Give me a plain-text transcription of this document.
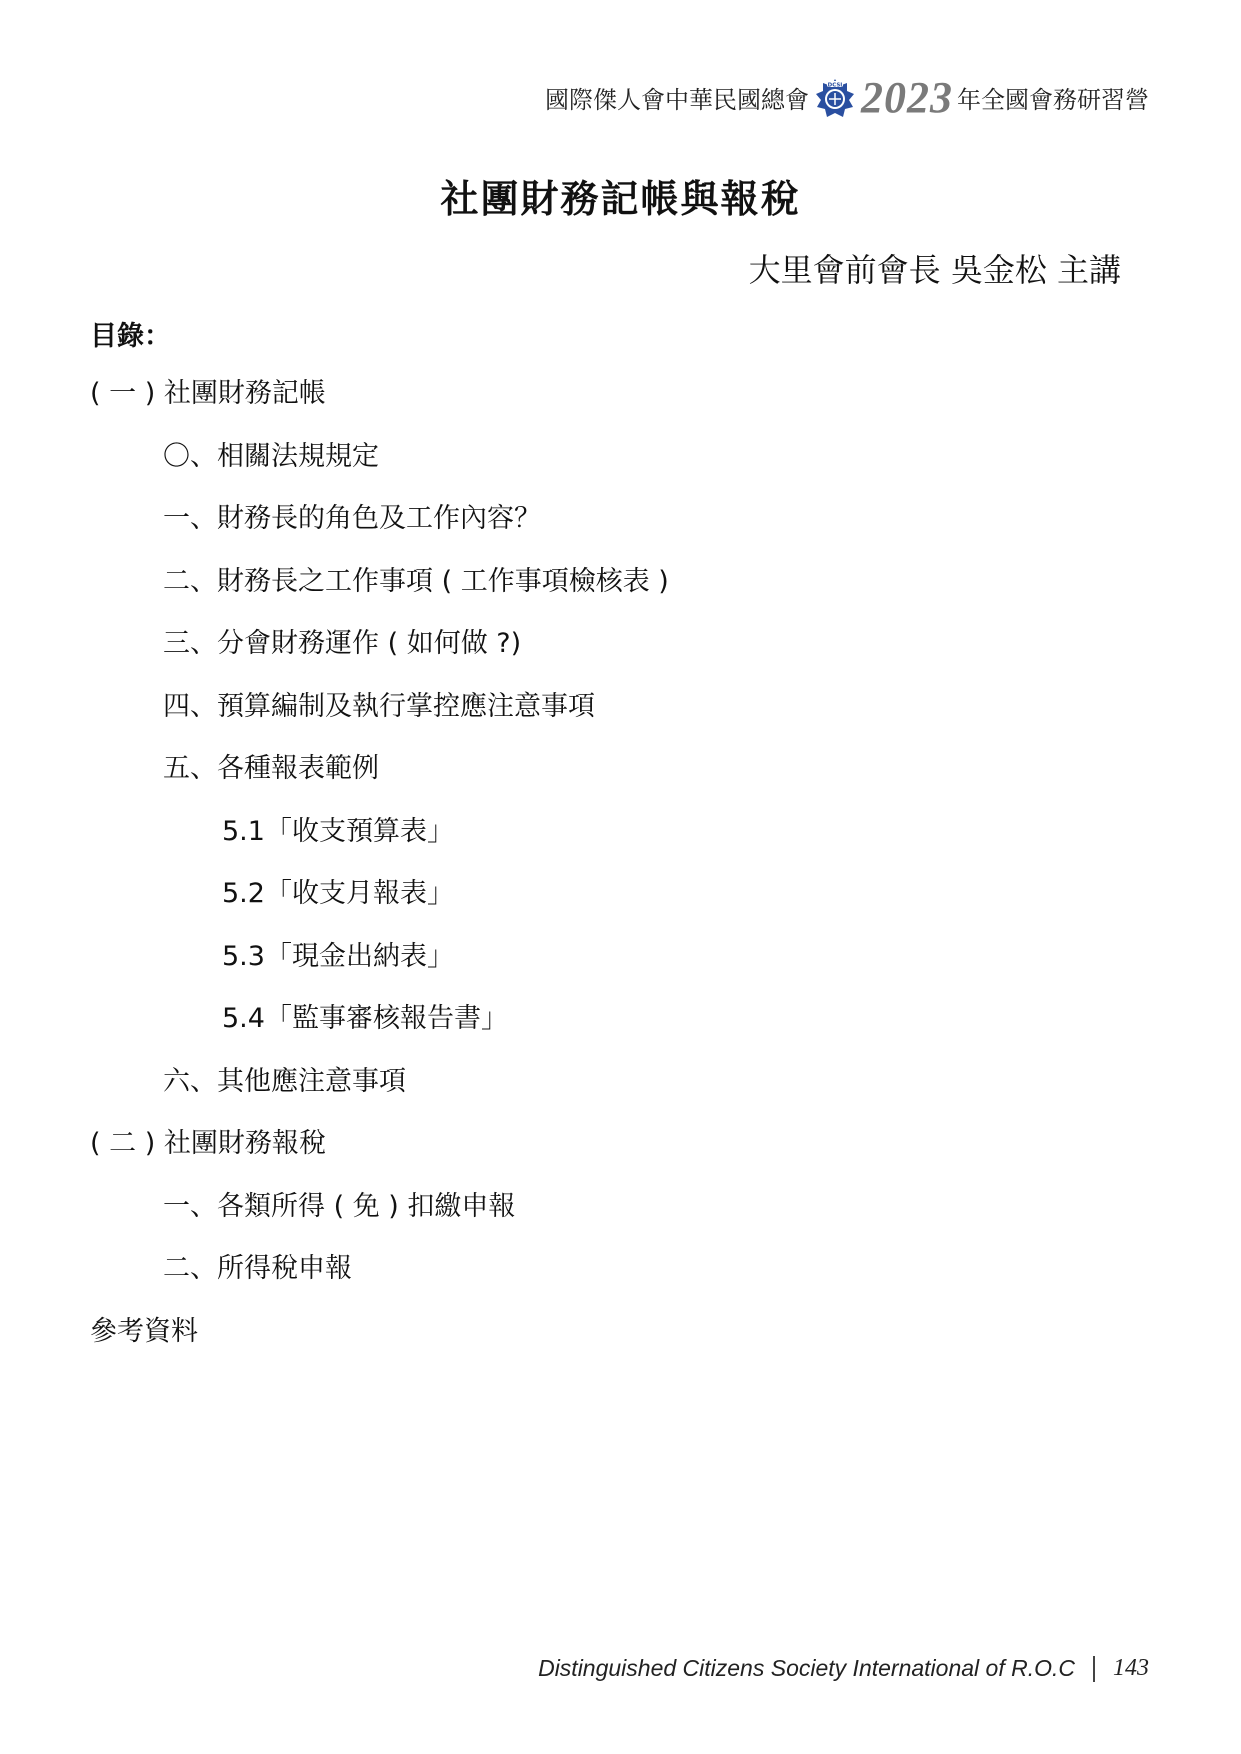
國際傑人會中華民國總會
DCSI 2023 年全國會務研習營
社團財務記帳與報稅
大里會前會長 吳金松 主講
目錄：
( 一 ) 社團財務記帳
〇、相關法規規定
一、財務長的角色及工作內容？
二、財務長之工作事項 ( 工作事項檢核表 )
三、分會財務運作 ( 如何做 ?)
四、預算編制及執行掌控應注意事項
五、各種報表範例
5.1「收支預算表」
5.2「收支月報表」
5.3「現金出納表」
5.4「監事審核報告書」
六、其他應注意事項
( 二 ) 社團財務報稅
一、各類所得 ( 免 ) 扣繳申報
二、所得稅申報
參考資料
Distinguished Citizens Society International of R.O.C 143
